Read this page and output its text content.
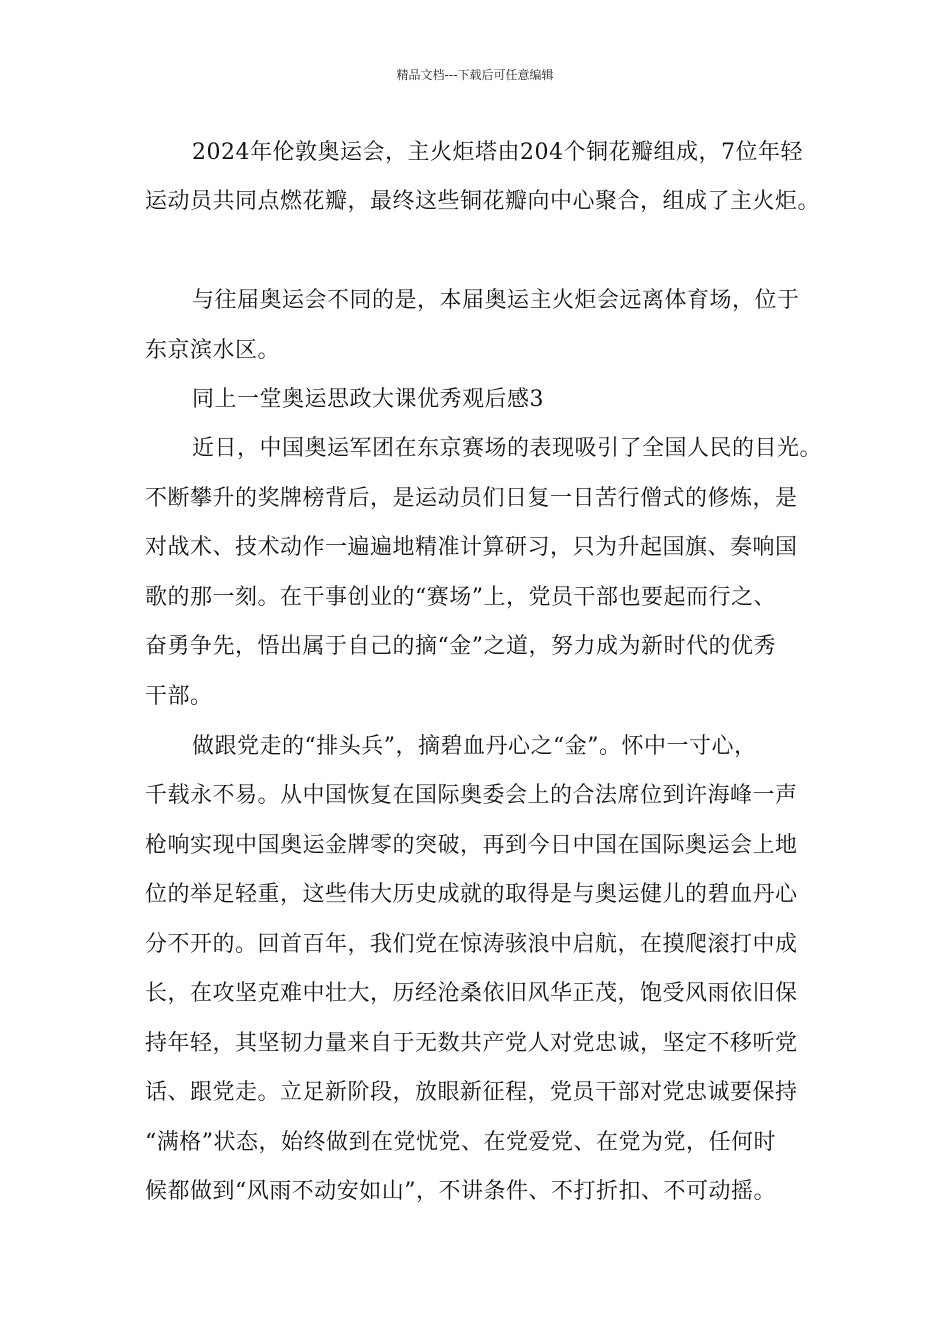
精品文档---下载后可任意编辑
2024年伦敦奥运会，主火炬塔由204个铜花瓣组成，7位年轻
运动员共同点燃花瓣，最终这些铜花瓣向中心聚合，组成了主火炬。
与往届奥运会不同的是，本届奥运主火炬会远离体育场，位于
东京滨水区。
同上一堂奥运思政大课优秀观后感3
近日，中国奥运军团在东京赛场的表现吸引了全国人民的目光。
不断攀升的奖牌榜背后，是运动员们日复一日苦行僧式的修炼，是
对战术、技术动作一遍遍地精准计算研习，只为升起国旗、奏响国
歌的那一刻。在干事创业的“赛场”上，党员干部也要起而行之、
奋勇争先，悟出属于自己的摘“金”之道，努力成为新时代的优秀
干部。
做跟党走的“排头兵”，摘碧血丹心之“金”。怀中一寸心，
千载永不易。从中国恢复在国际奥委会上的合法席位到许海峰一声
枪响实现中国奥运金牌零的突破，再到今日中国在国际奥运会上地
位的举足轻重，这些伟大历史成就的取得是与奥运健儿的碧血丹心
分不开的。回首百年，我们党在惊涛骇浪中启航，在摸爬滚打中成
长，在攻坚克难中壮大，历经沧桑依旧风华正茂，饱受风雨依旧保
持年轻，其坚韧力量来自于无数共产党人对党忠诚，坚定不移听党
话、跟党走。立足新阶段，放眼新征程，党员干部对党忠诚要保持
“满格”状态，始终做到在党忧党、在党爱党、在党为党，任何时
候都做到“风雨不动安如山”，不讲条件、不打折扣、不可动摇。
